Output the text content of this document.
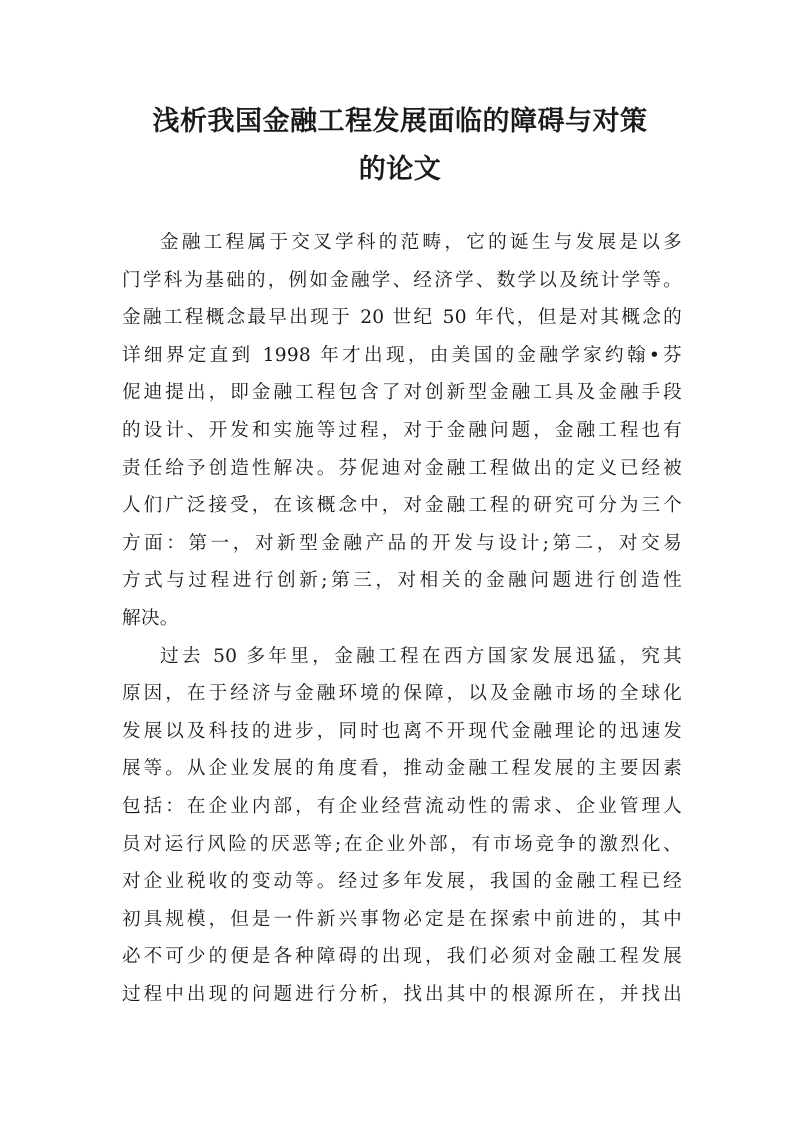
浅析我国金融工程发展面临的障碍与对策
的论文
金融工程属于交叉学科的范畴，它的诞生与发展是以多
门学科为基础的，例如金融学、经济学、数学以及统计学等。
金融工程概念最早出现于 20 世纪 50 年代，但是对其概念的
详细界定直到 1998 年才出现，由美国的金融学家约翰•芬
伲迪提出，即金融工程包含了对创新型金融工具及金融手段
的设计、开发和实施等过程，对于金融问题，金融工程也有
责任给予创造性解决。芬伲迪对金融工程做出的定义已经被
人们广泛接受，在该概念中，对金融工程的研究可分为三个
方面：第一，对新型金融产品的开发与设计;第二，对交易
方式与过程进行创新;第三，对相关的金融问题进行创造性
解决。
过去 50 多年里，金融工程在西方国家发展迅猛，究其
原因，在于经济与金融环境的保障，以及金融市场的全球化
发展以及科技的进步，同时也离不开现代金融理论的迅速发
展等。从企业发展的角度看，推动金融工程发展的主要因素
包括：在企业内部，有企业经营流动性的需求、企业管理人
员对运行风险的厌恶等;在企业外部，有市场竞争的激烈化、
对企业税收的变动等。经过多年发展，我国的金融工程已经
初具规模，但是一件新兴事物必定是在探索中前进的，其中
必不可少的便是各种障碍的出现，我们必须对金融工程发展
过程中出现的问题进行分析，找出其中的根源所在，并找出
